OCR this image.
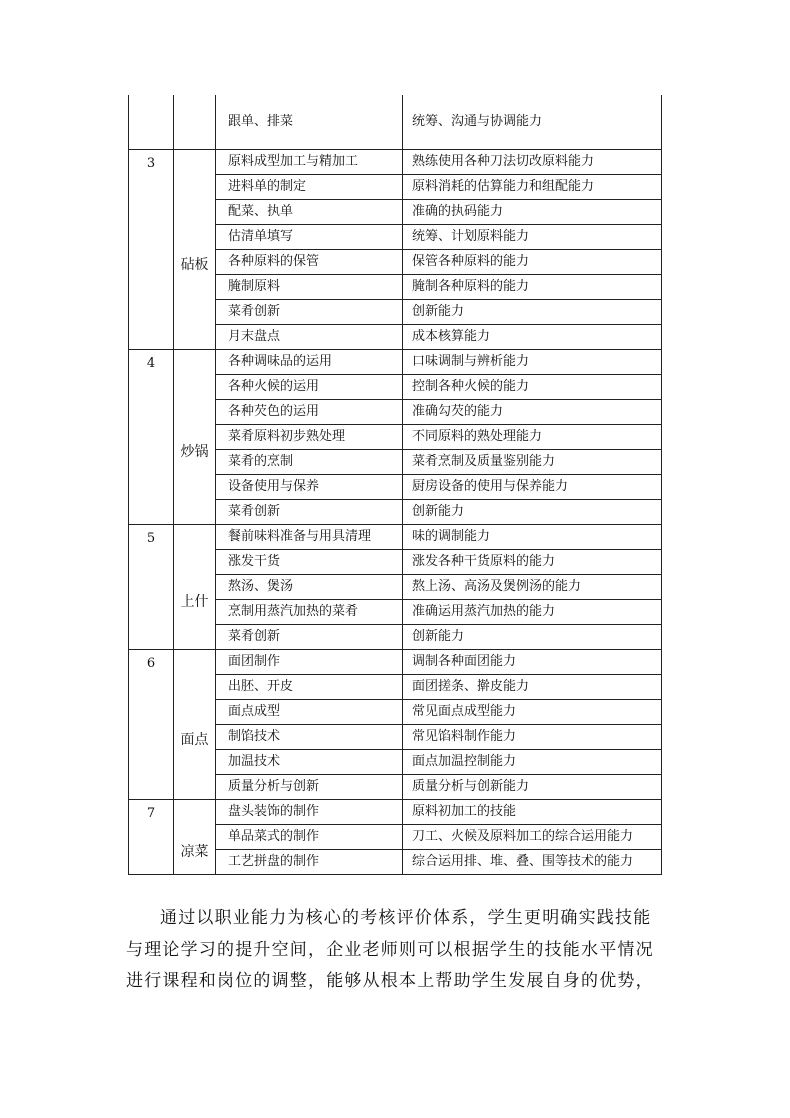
		跟单、排菜	统筹、沟通与协调能力
3	砧板	原料成型加工与精加工	熟练使用各种刀法切改原料能力
		进料单的制定	原料消耗的估算能力和组配能力
		配菜、执单	准确的执码能力
		估清单填写	统筹、计划原料能力
		各种原料的保管	保管各种原料的能力
		腌制原料	腌制各种原料的能力
		菜肴创新	创新能力
		月末盘点	成本核算能力
4	炒锅	各种调味品的运用	口味调制与辨析能力
		各种火候的运用	控制各种火候的能力
		各种芡色的运用	准确勾芡的能力
		菜肴原料初步熟处理	不同原料的熟处理能力
		菜肴的烹制	菜肴烹制及质量鉴别能力
		设备使用与保养	厨房设备的使用与保养能力
		菜肴创新	创新能力
5	上什	餐前味料准备与用具清理	味的调制能力
		涨发干货	涨发各种干货原料的能力
		熬汤、煲汤	熬上汤、高汤及煲例汤的能力
		烹制用蒸汽加热的菜肴	准确运用蒸汽加热的能力
		菜肴创新	创新能力
6	面点	面团制作	调制各种面团能力
		出胚、开皮	面团搓条、擀皮能力
		面点成型	常见面点成型能力
		制馅技术	常见馅料制作能力
		加温技术	面点加温控制能力
		质量分析与创新	质量分析与创新能力
7	凉菜	盘头装饰的制作	原料初加工的技能
		单品菜式的制作	刀工、火候及原料加工的综合运用能力
		工艺拼盘的制作	综合运用排、堆、叠、围等技术的能力

通过以职业能力为核心的考核评价体系，学生更明确实践技能
与理论学习的提升空间，企业老师则可以根据学生的技能水平情况
进行课程和岗位的调整，能够从根本上帮助学生发展自身的优势，
